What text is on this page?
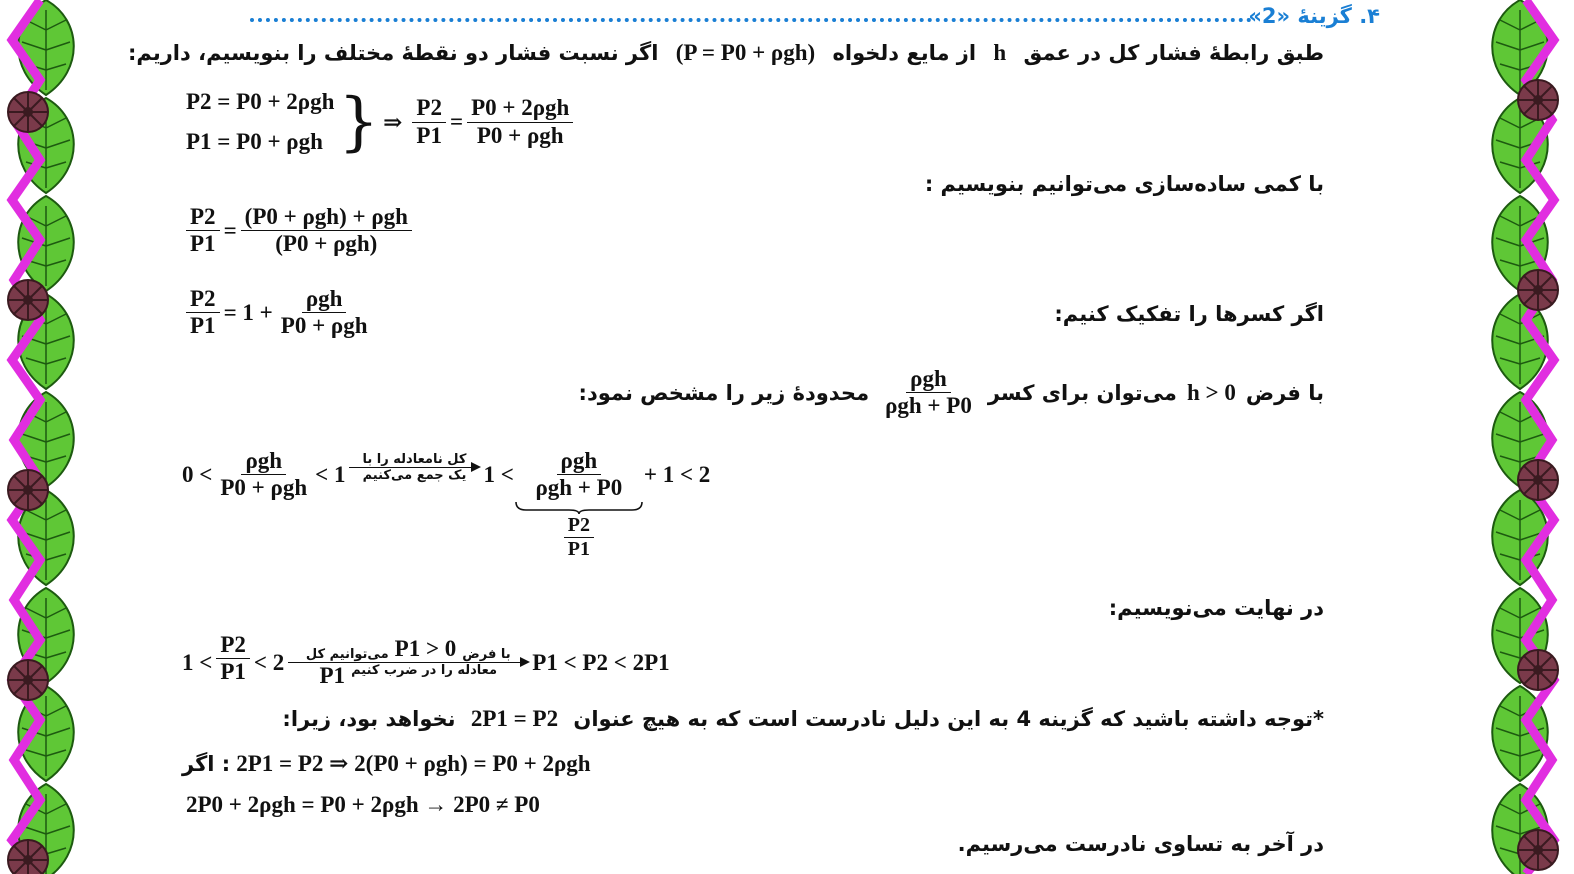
۴. گزینهٔ «2»
طبق رابطهٔ فشار کل در عمق h از مایع دلخواه (P = P0 + ρgh) اگر نسبت فشار دو نقطهٔ مختلف را بنویسیم، داریم:
P2 = P0 + 2ρgh
P1 = P0 + ρgh } ⇒ $\frac{P2}{P1} = \frac{\text{P0 + 2ρgh}}{\text{P0 + ρgh}}$
با کمی ساده‌سازی می‌توانیم بنویسیم :
$\frac{P2}{P1} = \frac{\text{(P0 + ρgh) + ρgh}}{\text{(P0 + ρgh)}}$
اگر کسرها را تفکیک کنیم:
$\frac{P2}{P1} = 1 + \frac{\text{ρgh}}{\text{P0 + ρgh}}$
با فرض
h > 0
می‌توان برای کسر
$\frac{\text{ρgh}}{\text{ρgh + P0}}$
محدودهٔ زیر را مشخص نمود:
$0 < \frac{\text{ρgh}}{\text{P0 + ρgh}} < 1$
کل نامعادله را با
یک جمع می‌کنیم $1 < \frac{\text{ρgh}}{\text{ρgh + P0}}$
$\frac{P2}{P1}$
+ 1 < 2
در نهایت می‌نویسیم:
$1 < \frac{P2}{P1} < 2$ می‌توانیم کل P1 > 0 با فرض
P1 معادله را در ضرب کنیم P1 < P2 < 2P1
*توجه داشته باشید که گزینه 4 به این دلیل نادرست است که به هیچ عنوان 2P1 = P2 نخواهد بود، زیرا:
: اگر 2P1 = P2 ⇒ 2(P0 + ρgh) = P0 + 2ρgh
2P0 + 2ρgh = P0 + 2ρgh → 2P0 ≠ P0
در آخر به تساوی نادرست می‌رسیم.
